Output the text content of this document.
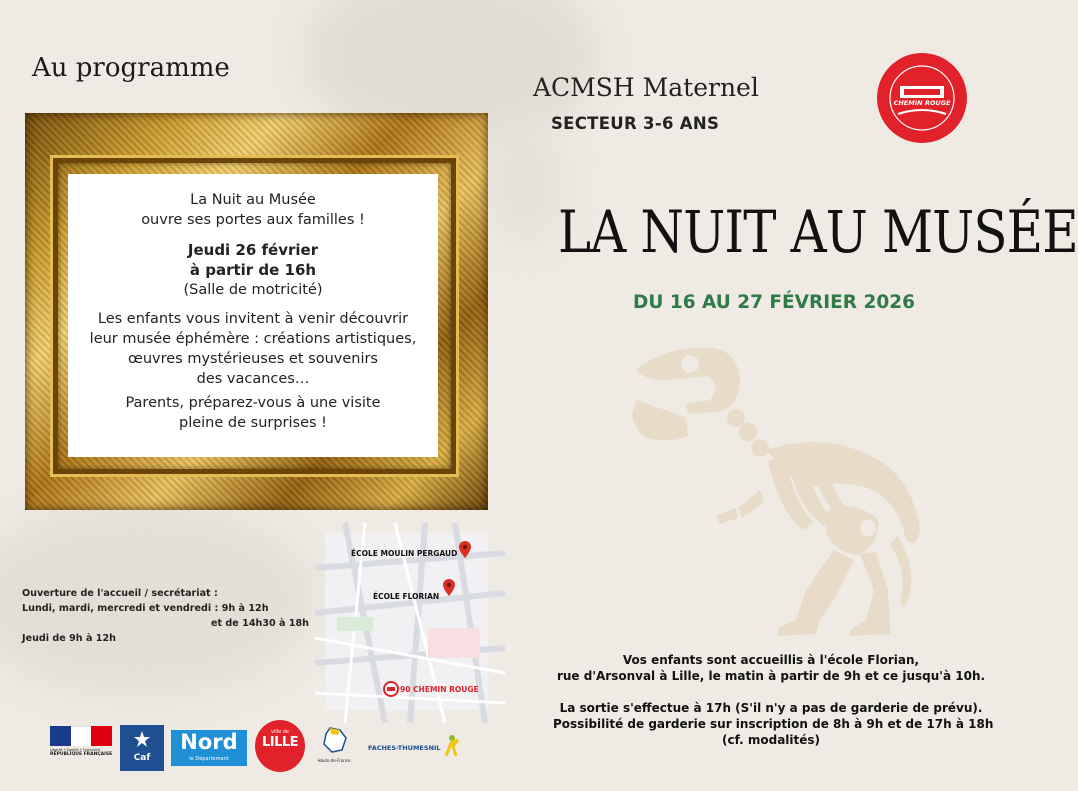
Au programme

La Nuit au Musée
ouvre ses portes aux familles !

Jeudi 26 février
à partir de 16h

(Salle de motricité)

Les enfants vous invitent à venir découvrir
leur musée éphémère : créations artistiques,
œuvres mystérieuses et souvenirs
des vacances…

Parents, préparez-vous à une visite
pleine de surprises !

Ouverture de l'accueil / secrétariat :
Lundi, mardi, mercredi et vendredi : 9h à 12h
et de 14h30 à 18h
Jeudi de 9h à 12h
ÉCOLE MOULIN PERGAUD
ÉCOLE FLORIAN
90 CHEMIN ROUGE
Liberté • Égalité • Fraternité
RÉPUBLIQUE FRANÇAISE	Caf
Nord
le Département
ville de
LILLE
Hauts-de-France
FACHES-THUMESNIL
ACMSH Maternel
SECTEUR 3-6 ANS
CHEMIN ROUGE
LA NUIT AU MUSÉE
DU 16 AU 27 FÉVRIER 2026

Vos enfants sont accueillis à l'école Florian,

rue d'Arsonval à Lille, le matin à partir de 9h et ce jusqu'à 10h.

La sortie s'effectue à 17h (S'il n'y a pas de garderie de prévu).

Possibilité de garderie sur inscription de 8h à 9h et de 17h à 18h

(cf. modalités)
